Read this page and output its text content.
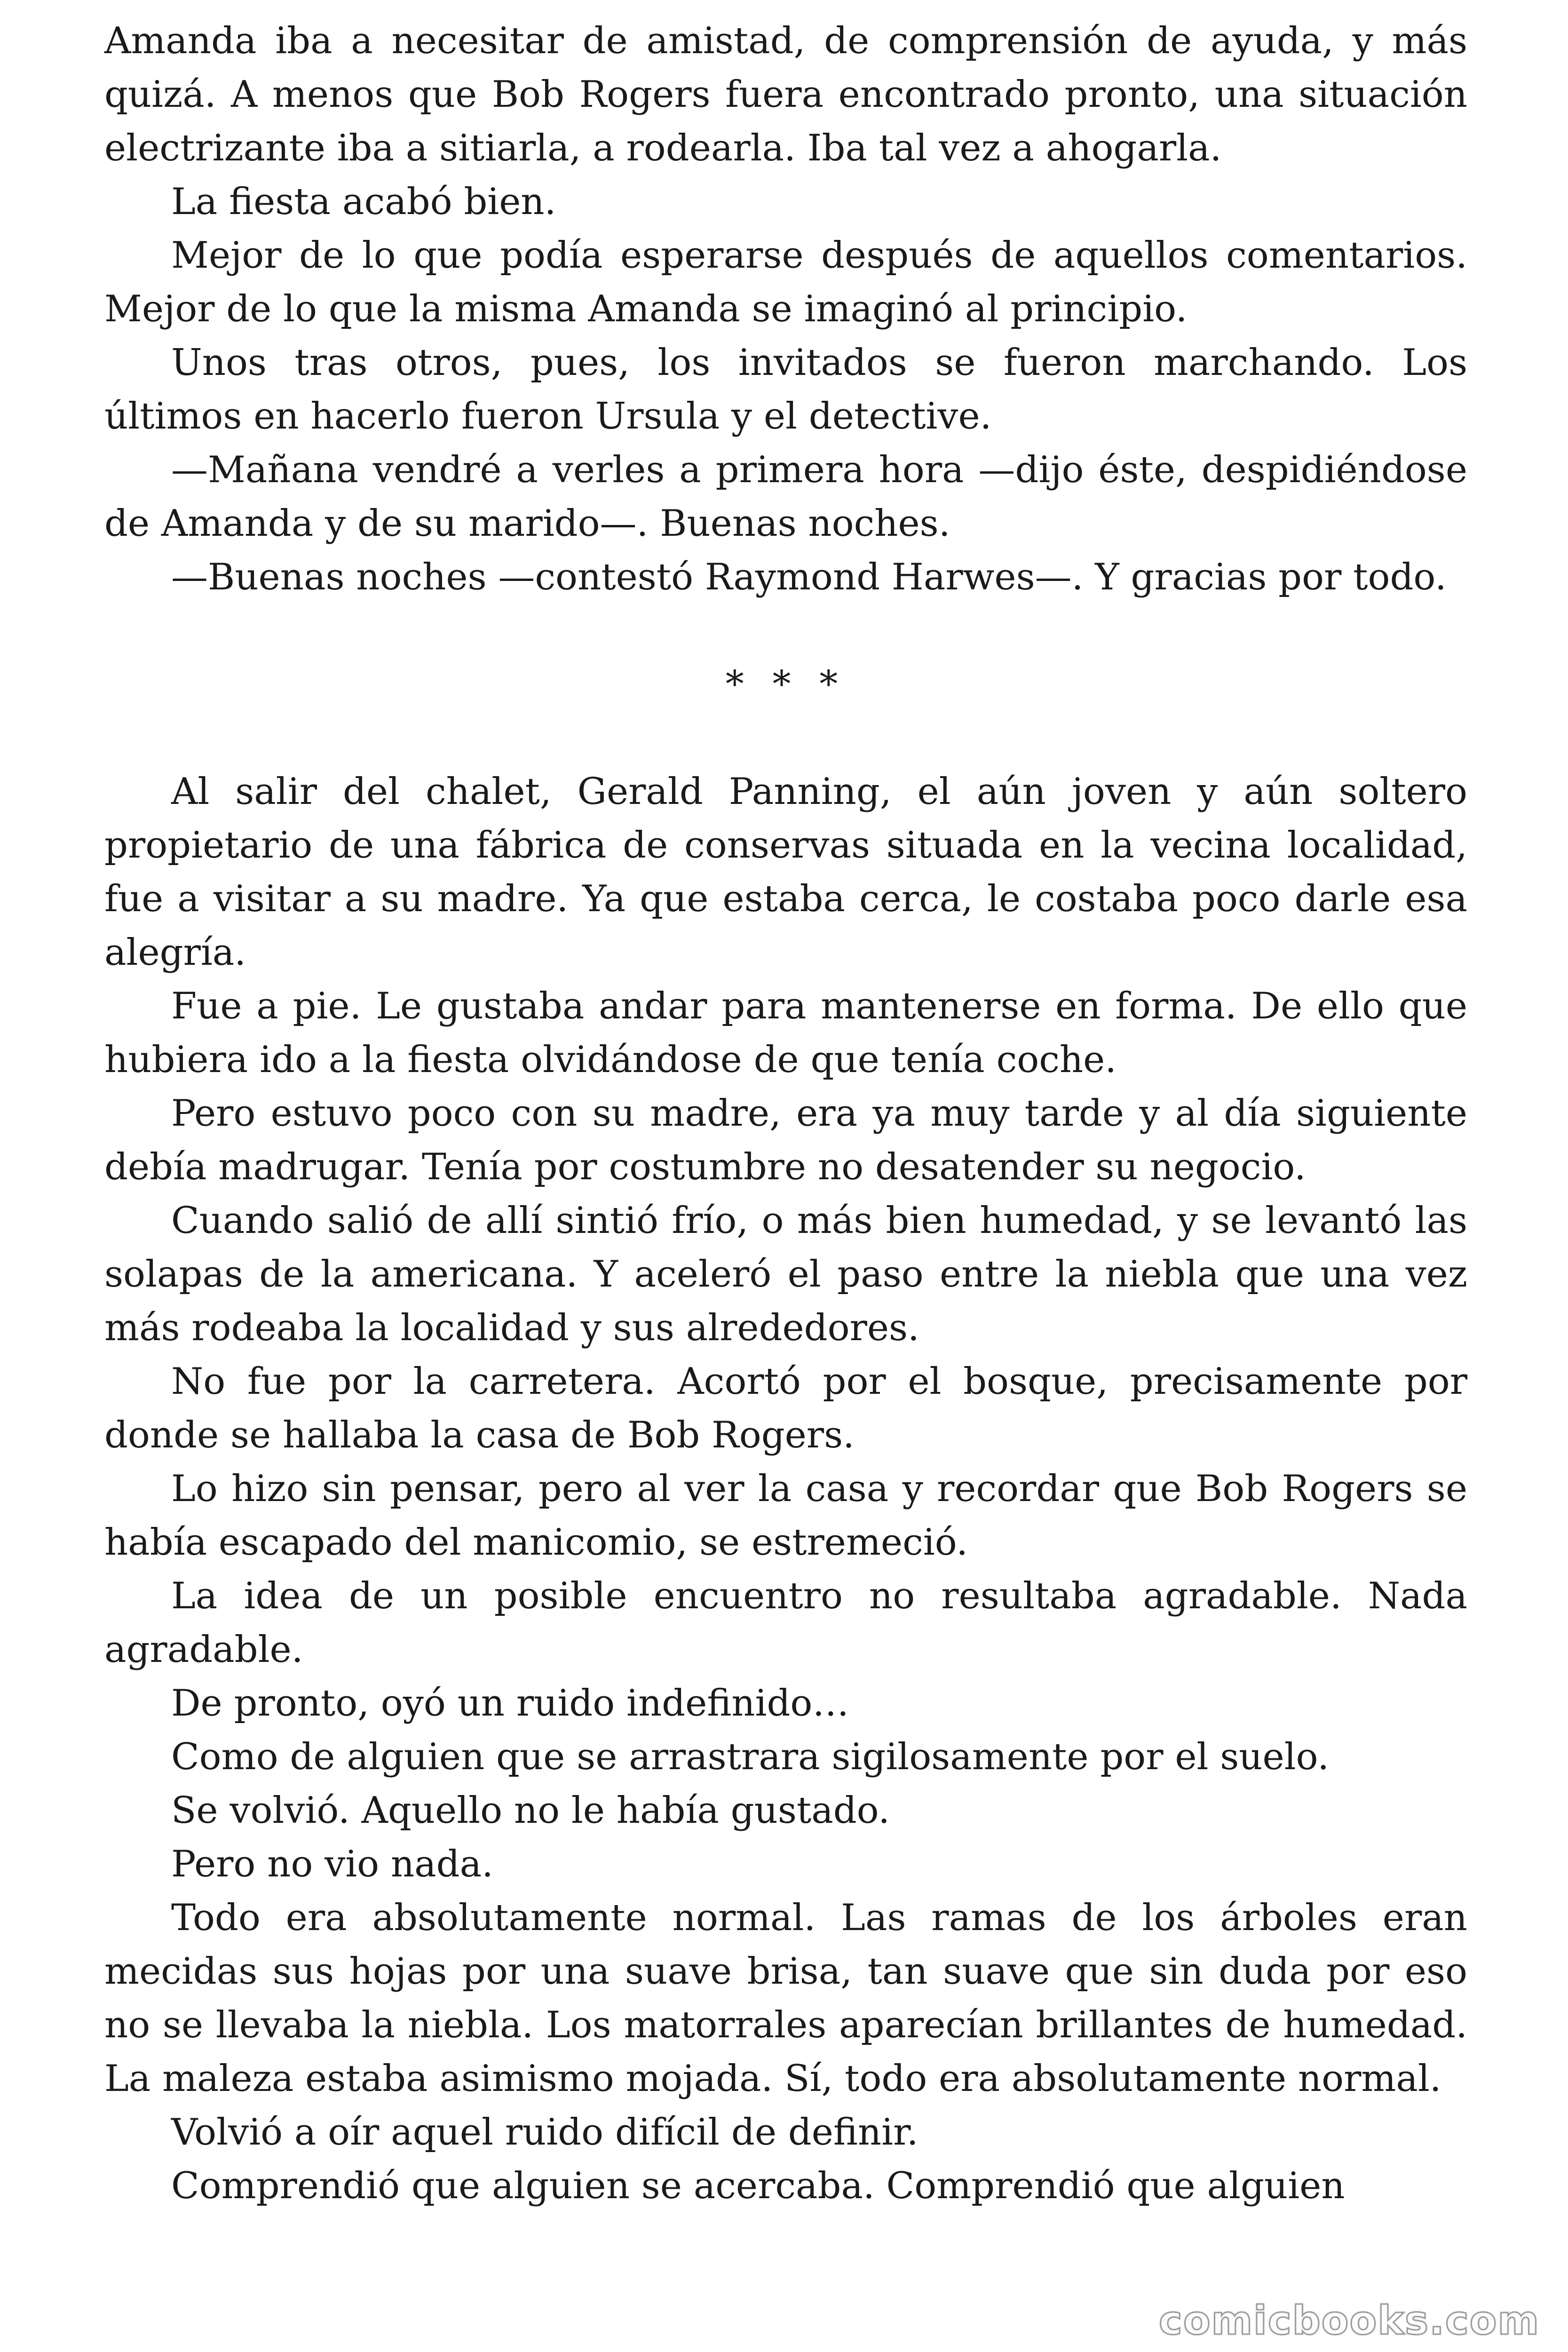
Amanda iba a necesitar de amistad, de comprensión de ayuda, y más quizá. A menos que Bob Rogers fuera encontrado pronto, una situación electrizante iba a sitiarla, a rodearla. Iba tal vez a ahogarla.

La fiesta acabó bien.

Mejor de lo que podía esperarse después de aquellos comentarios. Mejor de lo que la misma Amanda se imaginó al principio.

Unos tras otros, pues, los invitados se fueron marchando. Los últimos en hacerlo fueron Ursula y el detective.

—Mañana vendré a verles a primera hora —dijo éste, despidiéndose de Amanda y de su marido—. Buenas noches.

—Buenas noches —contestó Raymond Harwes—. Y gracias por todo.

* * *

Al salir del chalet, Gerald Panning, el aún joven y aún soltero propietario de una fábrica de conservas situada en la vecina localidad, fue a visitar a su madre. Ya que estaba cerca, le costaba poco darle esa alegría.

Fue a pie. Le gustaba andar para mantenerse en forma. De ello que hubiera ido a la fiesta olvidándose de que tenía coche.

Pero estuvo poco con su madre, era ya muy tarde y al día siguiente debía madrugar. Tenía por costumbre no desatender su negocio.

Cuando salió de allí sintió frío, o más bien humedad, y se levantó las solapas de la americana. Y aceleró el paso entre la niebla que una vez más rodeaba la localidad y sus alrededores.

No fue por la carretera. Acortó por el bosque, precisamente por donde se hallaba la casa de Bob Rogers.

Lo hizo sin pensar, pero al ver la casa y recordar que Bob Rogers se había escapado del manicomio, se estremeció.

La idea de un posible encuentro no resultaba agradable. Nada agradable.

De pronto, oyó un ruido indefinido…

Como de alguien que se arrastrara sigilosamente por el suelo.

Se volvió. Aquello no le había gustado.

Pero no vio nada.

Todo era absolutamente normal. Las ramas de los árboles eran mecidas sus hojas por una suave brisa, tan suave que sin duda por eso no se llevaba la niebla. Los matorrales aparecían brillantes de humedad. La maleza estaba asimismo mojada. Sí, todo era absolutamente normal.

Volvió a oír aquel ruido difícil de definir.

Comprendió que alguien se acercaba. Comprendió que alguien

comicbooks.com
